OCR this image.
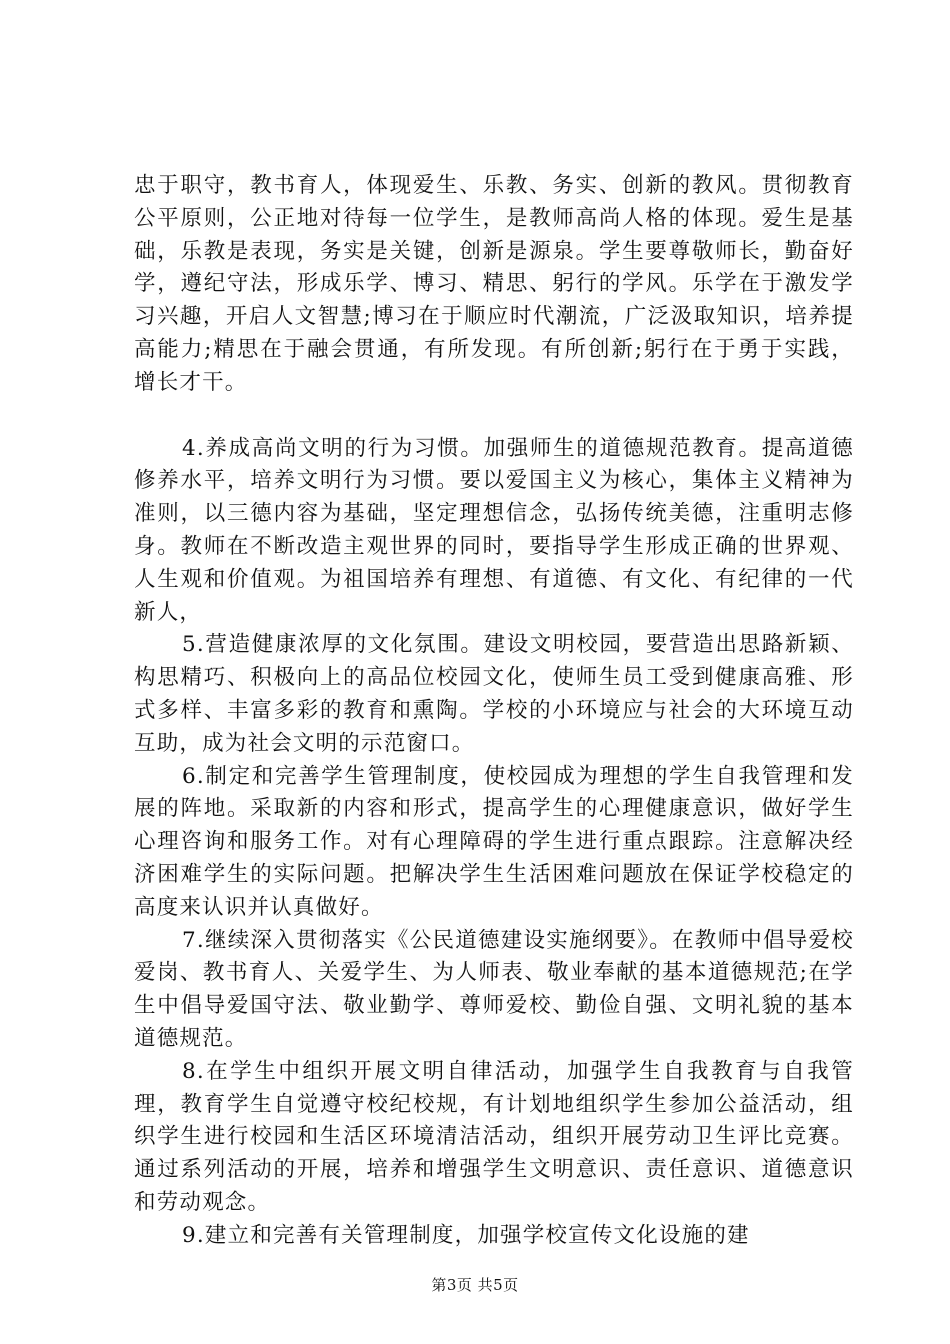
忠于职守，教书育人，体现爱生、乐教、务实、创新的教风。贯彻教育公平原则，公正地对待每一位学生，是教师高尚人格的体现。爱生是基础，乐教是表现，务实是关键，创新是源泉。学生要尊敬师长，勤奋好学，遵纪守法，形成乐学、博习、精思、躬行的学风。乐学在于激发学习兴趣，开启人文智慧;博习在于顺应时代潮流，广泛汲取知识，培养提高能力;精思在于融会贯通，有所发现。有所创新;躬行在于勇于实践，增长才干。

4.养成高尚文明的行为习惯。加强师生的道德规范教育。提高道德修养水平，培养文明行为习惯。要以爱国主义为核心，集体主义精神为准则，以三德内容为基础，坚定理想信念，弘扬传统美德，注重明志修身。教师在不断改造主观世界的同时，要指导学生形成正确的世界观、人生观和价值观。为祖国培养有理想、有道德、有文化、有纪律的一代新人，

5.营造健康浓厚的文化氛围。建设文明校园，要营造出思路新颖、构思精巧、积极向上的高品位校园文化，使师生员工受到健康高雅、形式多样、丰富多彩的教育和熏陶。学校的小环境应与社会的大环境互动互助，成为社会文明的示范窗口。

6.制定和完善学生管理制度，使校园成为理想的学生自我管理和发展的阵地。采取新的内容和形式，提高学生的心理健康意识，做好学生心理咨询和服务工作。对有心理障碍的学生进行重点跟踪。注意解决经济困难学生的实际问题。把解决学生生活困难问题放在保证学校稳定的高度来认识并认真做好。

7.继续深入贯彻落实《公民道德建设实施纲要》。在教师中倡导爱校爱岗、教书育人、关爱学生、为人师表、敬业奉献的基本道德规范;在学生中倡导爱国守法、敬业勤学、尊师爱校、勤俭自强、文明礼貌的基本道德规范。

8.在学生中组织开展文明自律活动，加强学生自我教育与自我管理，教育学生自觉遵守校纪校规，有计划地组织学生参加公益活动，组织学生进行校园和生活区环境清洁活动，组织开展劳动卫生评比竞赛。通过系列活动的开展，培养和增强学生文明意识、责任意识、道德意识和劳动观念。

9.建立和完善有关管理制度，加强学校宣传文化设施的建

第3页 共5页
